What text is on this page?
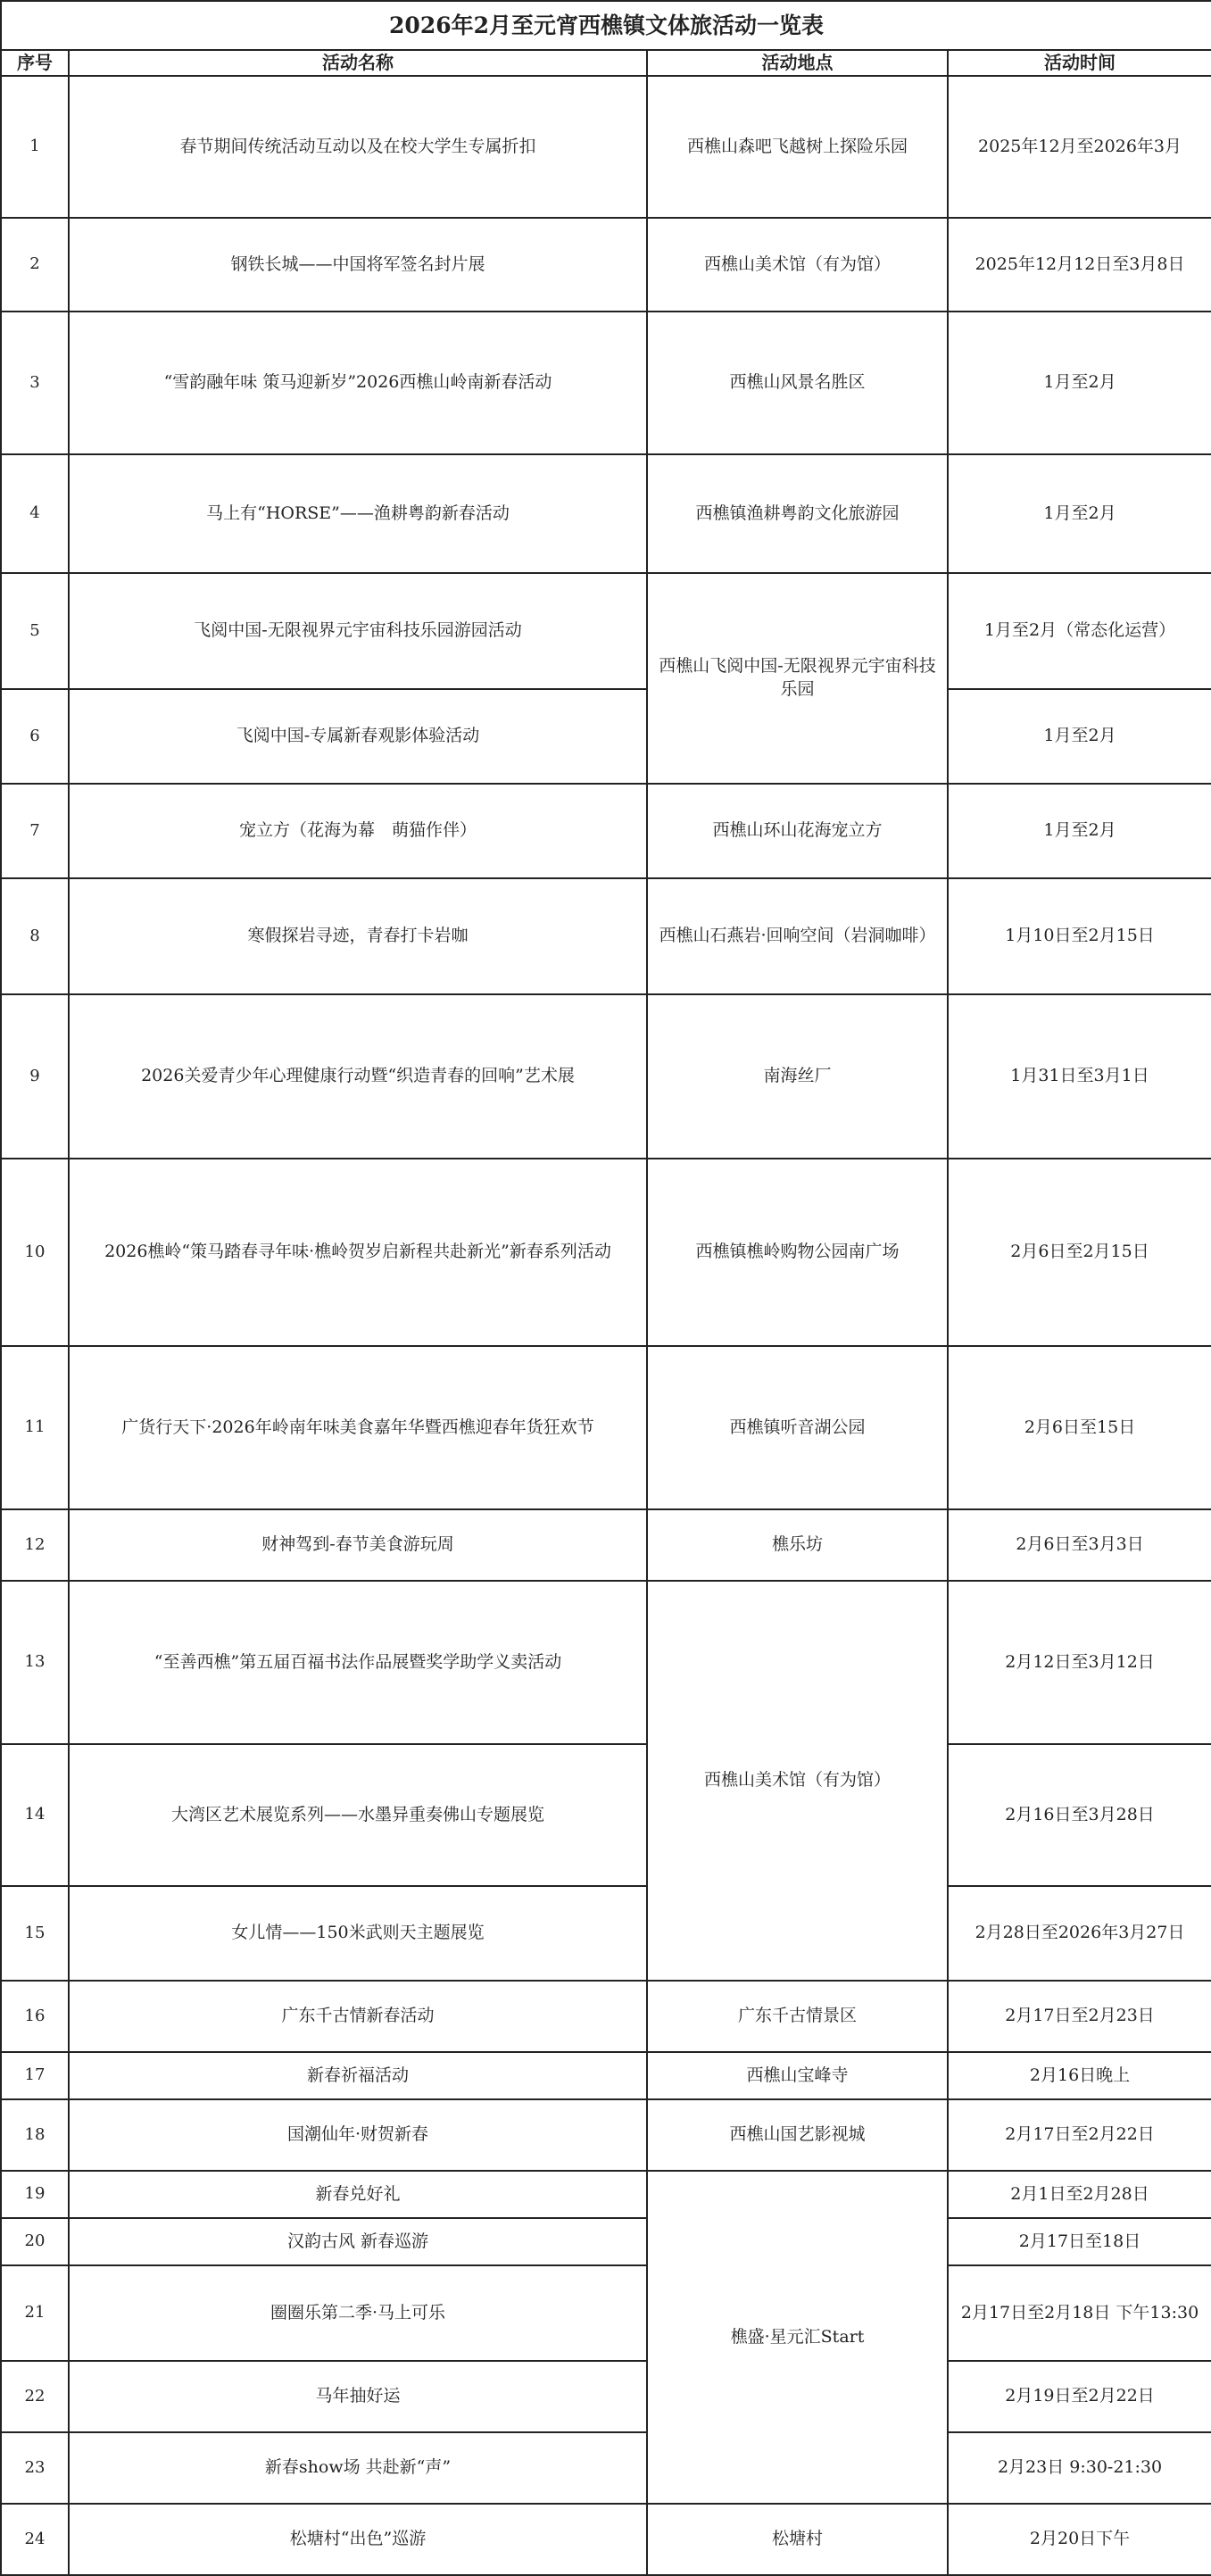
2026年2月至元宵西樵镇文体旅活动一览表			
序号	活动名称	活动地点	活动时间
1	春节期间传统活动互动以及在校大学生专属折扣	西樵山森吧飞越树上探险乐园	2025年12月至2026年3月
2	钢铁长城——中国将军签名封片展	西樵山美术馆（有为馆）	2025年12月12日至3月8日
3	“雪韵融年味 策马迎新岁”2026西樵山岭南新春活动	西樵山风景名胜区	1月至2月
4	马上有“HORSE”——渔耕粤韵新春活动	西樵镇渔耕粤韵文化旅游园	1月至2月
5	飞阅中国-无限视界元宇宙科技乐园游园活动	西樵山飞阅中国-无限视界元宇宙科技乐园	1月至2月（常态化运营）
6	飞阅中国-专属新春观影体验活动		1月至2月
7	宠立方（花海为幕　萌猫作伴）	西樵山环山花海宠立方	1月至2月
8	寒假探岩寻迹，青春打卡岩咖	西樵山石燕岩·回响空间（岩洞咖啡）	1月10日至2月15日
9	2026关爱青少年心理健康行动暨“织造青春的回响”艺术展	南海丝厂	1月31日至3月1日
10	2026樵岭“策马踏春寻年味·樵岭贺岁启新程共赴新光”新春系列活动	西樵镇樵岭购物公园南广场	2月6日至2月15日
11	广货行天下·2026年岭南年味美食嘉年华暨西樵迎春年货狂欢节	西樵镇听音湖公园	2月6日至15日
12	财神驾到-春节美食游玩周	樵乐坊	2月6日至3月3日
13	“至善西樵”第五届百福书法作品展暨奖学助学义卖活动	西樵山美术馆（有为馆）	2月12日至3月12日
14	大湾区艺术展览系列——水墨异重奏佛山专题展览		2月16日至3月28日
15	女儿情——150米武则天主题展览		2月28日至2026年3月27日
16	广东千古情新春活动	广东千古情景区	2月17日至2月23日
17	新春祈福活动	西樵山宝峰寺	2月16日晚上
18	国潮仙年·财贺新春	西樵山国艺影视城	2月17日至2月22日
19	新春兑好礼	樵盛·星元汇Start	2月1日至2月28日
20	汉韵古风 新春巡游		2月17日至18日
21	圈圈乐第二季·马上可乐		2月17日至2月18日 下午13:30
22	马年抽好运		2月19日至2月22日
23	新春show场 共赴新“声”		2月23日 9:30-21:30
24	松塘村“出色”巡游	松塘村	2月20日下午
